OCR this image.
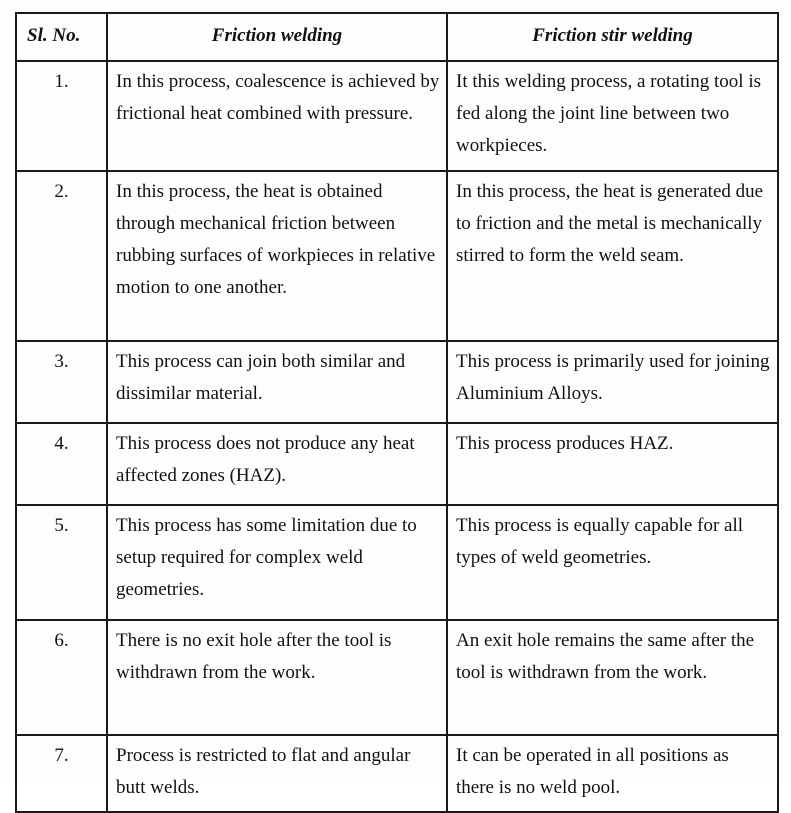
Sl. No.	Friction welding	Friction stir welding
1.	In this process, coalescence is achieved by frictional heat combined with pressure.	It this welding process, a rotating tool is fed along the joint line between two workpieces.
2.	In this process, the heat is obtained through mechanical friction between rubbing surfaces of workpieces in relative motion to one another.	In this process, the heat is generated due to friction and the metal is mechanically stirred to form the weld seam.
3.	This process can join both similar and dissimilar material.	This process is primarily used for joining Aluminium Alloys.
4.	This process does not produce any heat affected zones (HAZ).	This process produces HAZ.
5.	This process has some limitation due to setup required for complex weld geometries.	This process is equally capable for all types of weld geometries.
6.	There is no exit hole after the tool is withdrawn from the work.	An exit hole remains the same after the tool is withdrawn from the work.
7.	Process is restricted to flat and angular butt welds.	It can be operated in all positions as there is no weld pool.
